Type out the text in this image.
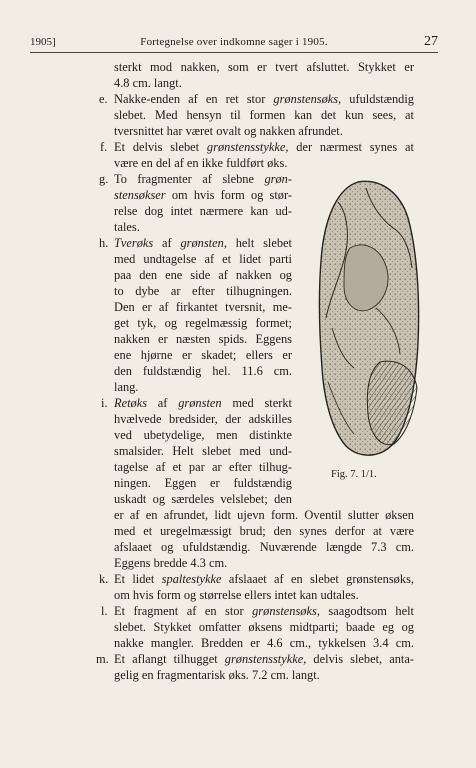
1905]	Fortegnelse over indkomne sager i 1905.	27
sterkt mod nakken, som er tvert afsluttet. Stykket er
4.8 cm. langt.
e. Nakke-enden af en ret stor grønstensøks, ufuldstændig
slebet. Med hensyn til formen kan det kun sees, at
tversnittet har været ovalt og nakken afrundet.
f. Et delvis slebet grønstensstykke, der nærmest synes at
være en del af en ikke fuldført øks.
g. To fragmenter af slebne grøn-
stensøkser om hvis form og stør-
relse dog intet nærmere kan ud-
tales.
h. Tverøks af grønsten, helt slebet
med undtagelse af et lidet parti
paa den ene side af nakken og
to dybe ar efter tilhugningen.
Den er af firkantet tversnit, me-
get tyk, og regelmæssig formet;
nakken er næsten spids. Eggens
ene hjørne er skadet; ellers er
den fuldstændig hel. 11.6 cm.
lang.
i. Retøks af grønsten med sterkt
hvælvede bredsider, der adskilles
ved ubetydelige, men distinkte
smalsider. Helt slebet med und-
tagelse af et par ar efter tilhug-
ningen. Eggen er fuldstændig
uskadt og særdeles velslebet; den
er af en afrundet, lidt ujevn form. Oventil slutter øksen
med et uregelmæssigt brud; den synes derfor at være
afslaaet og ufuldstændig. Nuværende længde 7.3 cm.
Eggens bredde 4.3 cm.
k. Et lidet spaltestykke afslaaet af en slebet grønstensøks,
om hvis form og størrelse ellers intet kan udtales.
l. Et fragment af en stor grønstensøks, saagodtsom helt
slebet. Stykket omfatter øksens midtparti; baade eg og
nakke mangler. Bredden er 4.6 cm., tykkelsen 3.4 cm.
m. Et aflangt tilhugget grønstensstykke, delvis slebet, anta-
gelig en fragmentarisk øks. 7.2 cm. langt.
Fig. 7. 1/1.
